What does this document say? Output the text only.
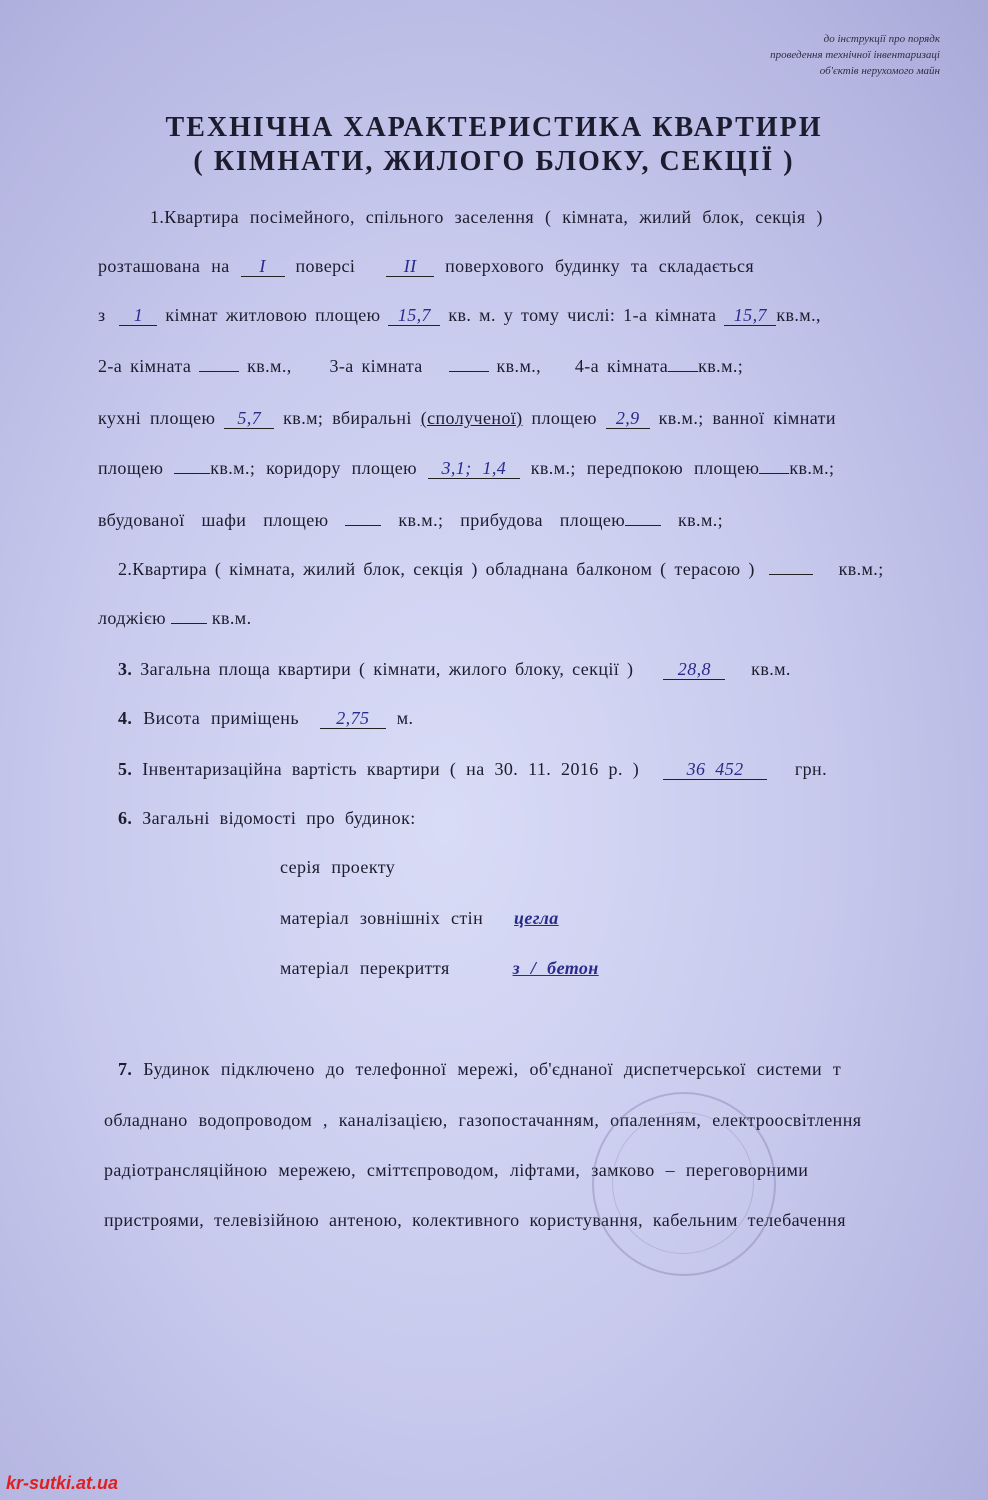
до інструкції про порядк
проведення технічної інвентаризаці
об'єктів нерухомого майн
ТЕХНІЧНА ХАРАКТЕРИСТИКА КВАРТИРИ
( КІМНАТИ, ЖИЛОГО БЛОКУ, СЕКЦІЇ )
1.Квартира посімейного, спільного заселення ( кімната, жилий блок, секція )
розташована на I поверсі	II поверхового будинку та складається
з 1 кімнат житловою площею 15,7 кв. м. у тому числі: 1-а кімната 15,7 кв.м.,
2-а кімната	кв.м., 3-а кімната	кв.м., 4-а кімната кв.м.;
кухні площею 5,7 кв.м; вбиральні (сполученої) площею 2,9 кв.м.; ванної кімнати
площею	кв.м.; коридору площею 3,1; 1,4 кв.м.; передпокою площею кв.м.;
вбудованої шафи площею	кв.м.; прибудова площею	кв.м.;
2.Квартира ( кімната, жилий блок, секція ) обладнана балконом ( терасою )	кв.м.;
лоджією	кв.м.
3. Загальна площа квартири ( кімнати, жилого блоку, секції ) 28,8 кв.м.
4. Висота приміщень 2,75 м.
5. Інвентаризаційна вартість квартири ( на 30. 11. 2016 р. )	36 452	грн.
6. Загальні відомості про будинок:
серія проекту
матеріал зовнішніх стін цегла
матеріал перекриття	з / бетон
7. Будинок підключено до телефонної мережі, об'єднаної диспетчерської системи т
обладнано водопроводом , каналізацією, газопостачанням, опаленням, електроосвітлення
радіотрансляційною мережею, сміттєпроводом, ліфтами, замково – переговорними
пристроями, телевізійною антеною, колективного користування, кабельним телебачення
kr-sutki.at.ua
